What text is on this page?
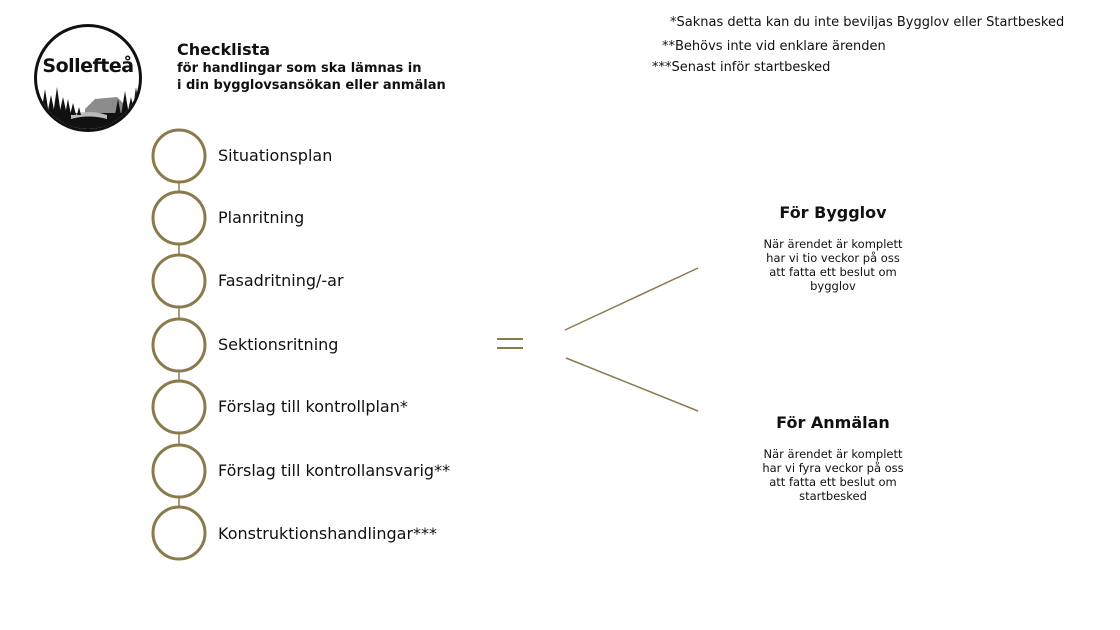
Sollefteå
Checklista
för handlingar som ska lämnas in
i din bygglovsansökan eller anmälan
*Saknas detta kan du inte beviljas Bygglov eller Startbesked
**Behövs inte vid enklare ärenden
***Senast inför startbesked
Situationsplan
Planritning
Fasadritning/-ar
Sektionsritning
Förslag till kontrollplan*
Förslag till kontrollansvarig**
Konstruktionshandlingar***
För Bygglov
När ärendet är komplett
har vi tio veckor på oss
att fatta ett beslut om
bygglov
För Anmälan
När ärendet är komplett
har vi fyra veckor på oss
att fatta ett beslut om
startbesked
